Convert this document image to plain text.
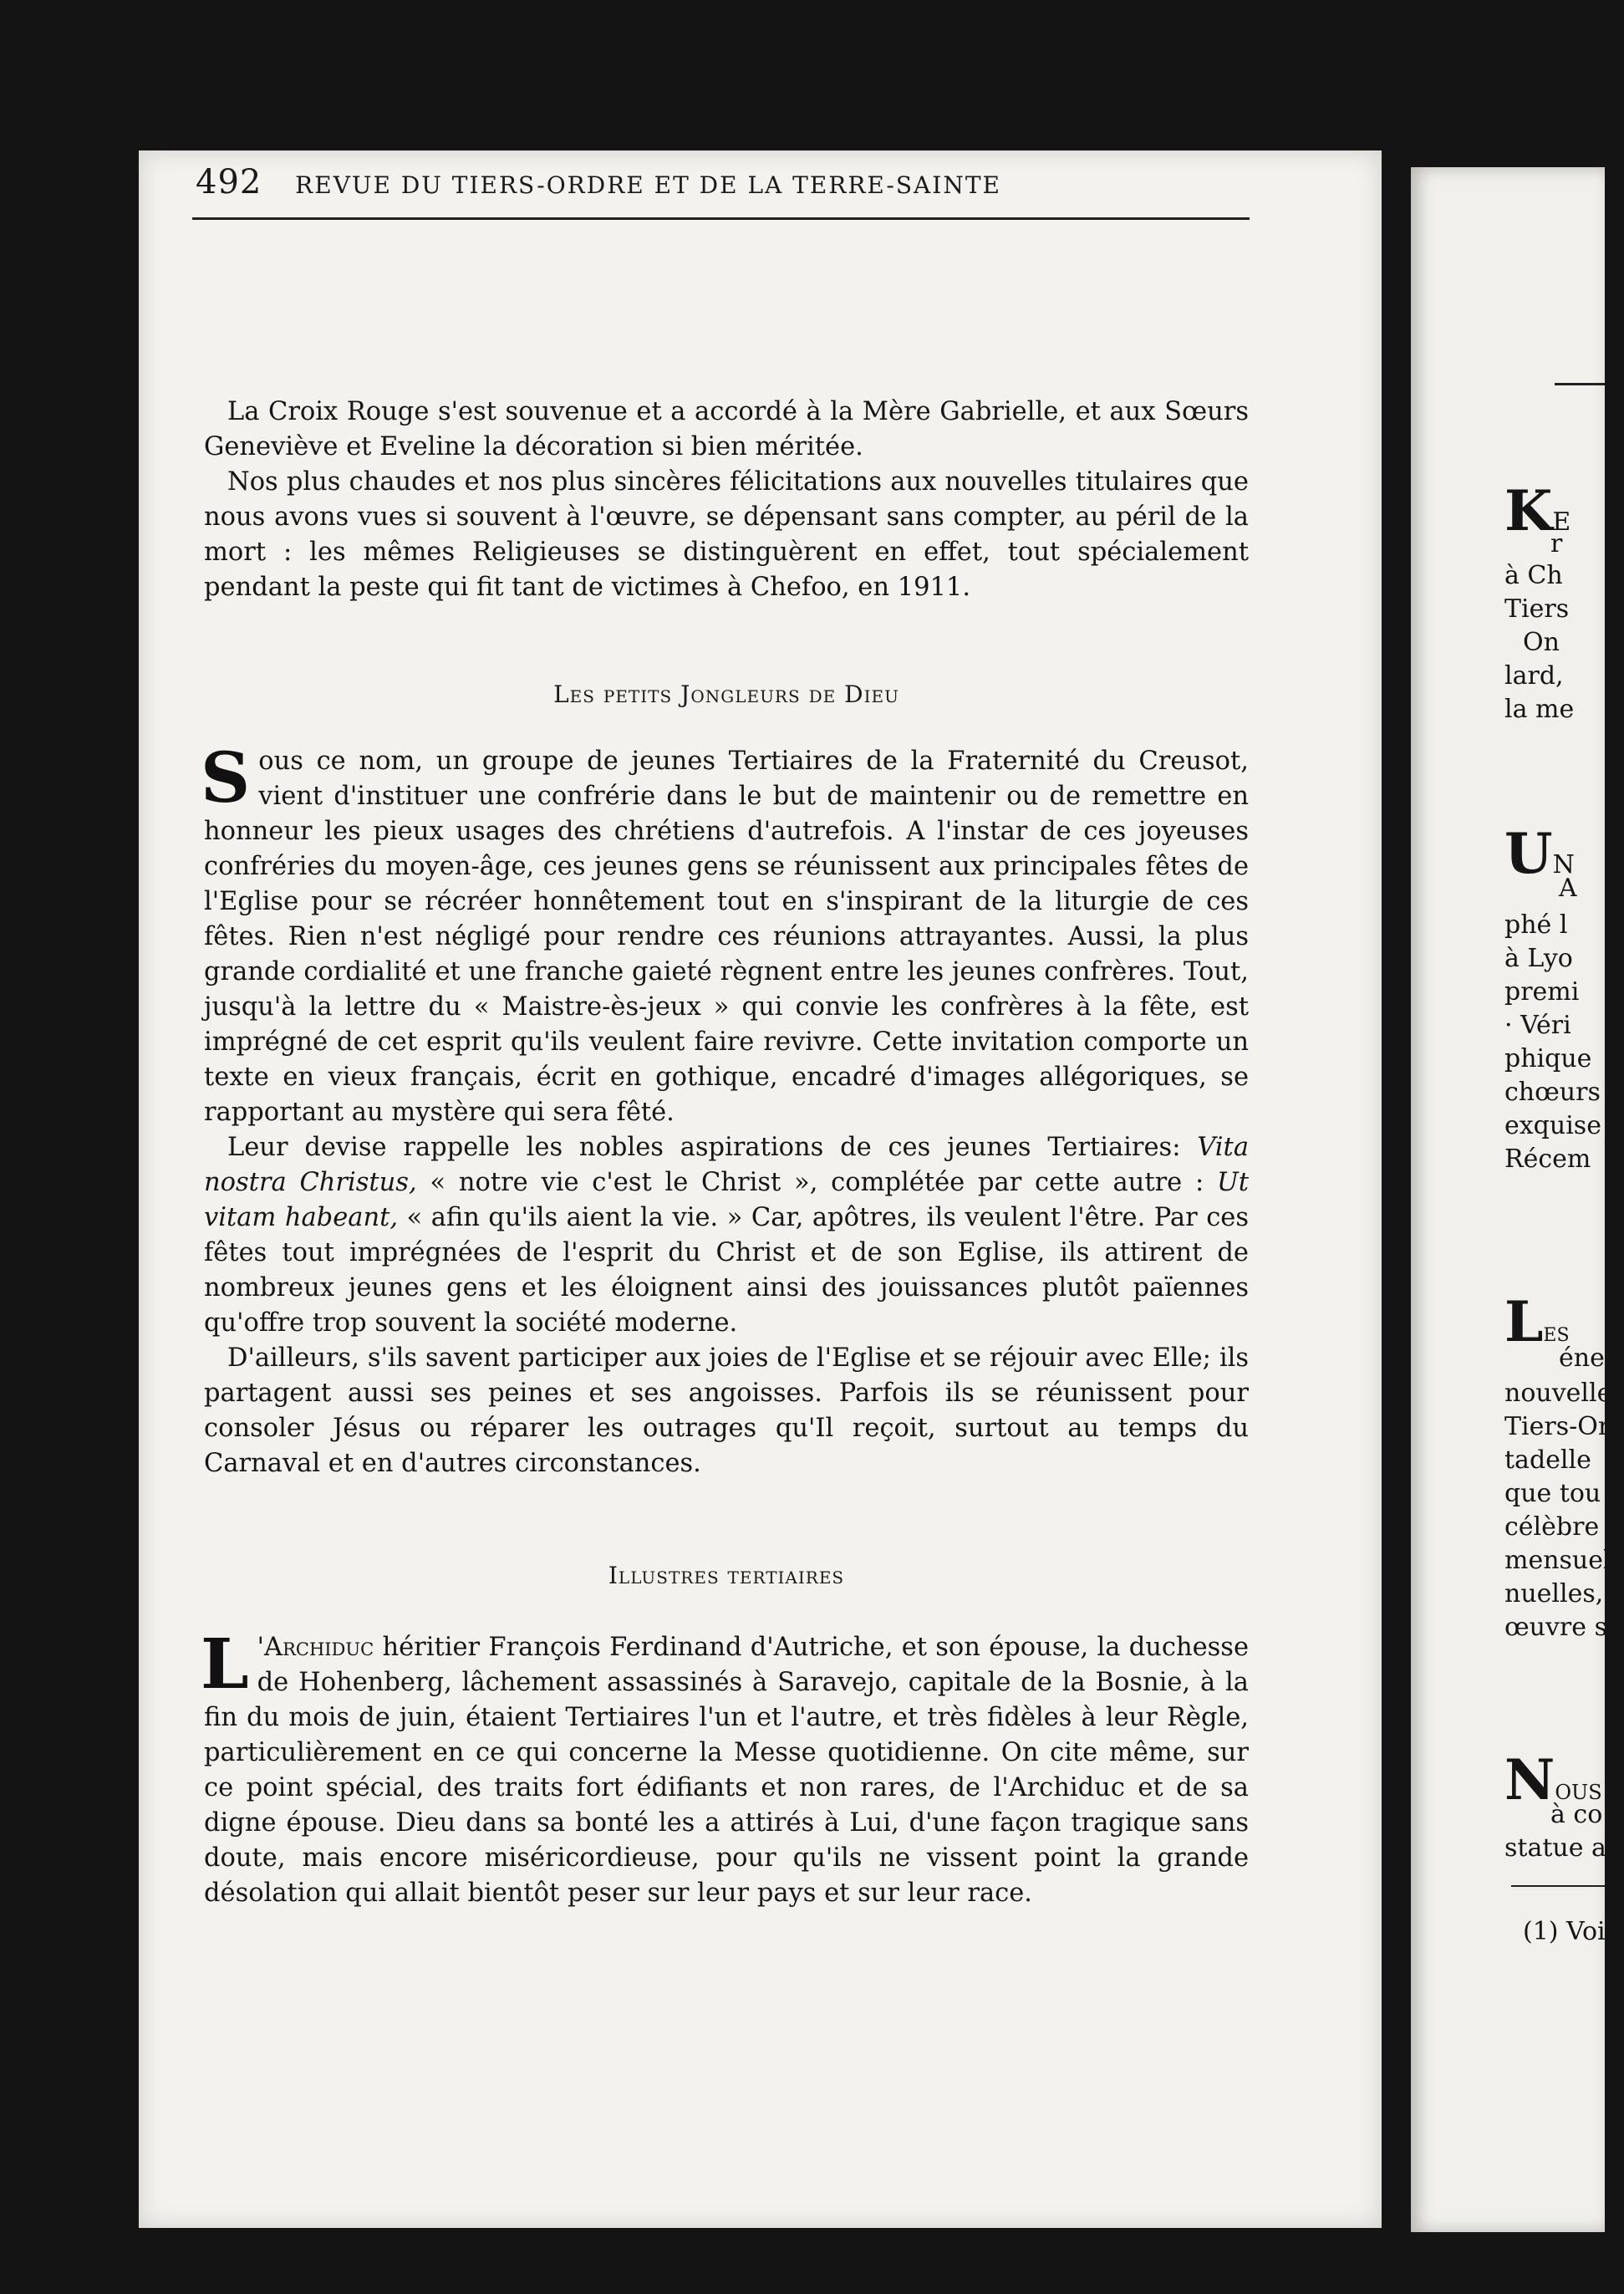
492 REVUE DU TIERS-ORDRE ET DE LA TERRE-SAINTE

La Croix Rouge s'est souvenue et a accordé à la Mère Gabrielle, et aux Sœurs Geneviève et Eveline la décoration si bien méritée.

Nos plus chaudes et nos plus sincères félicitations aux nouvelles titulaires que nous avons vues si souvent à l'œuvre, se dépensant sans compter, au péril de la mort : les mêmes Religieuses se distinguèrent en effet, tout spécialement pendant la peste qui fit tant de victimes à Chefoo, en 1911.

Les petits Jongleurs de Dieu

Sous ce nom, un groupe de jeunes Tertiaires de la Fraternité du Creusot, vient d'instituer une confrérie dans le but de maintenir ou de remettre en honneur les pieux usages des chrétiens d'autrefois. A l'instar de ces joyeuses confréries du moyen-âge, ces jeunes gens se réunissent aux principales fêtes de l'Eglise pour se récréer honnêtement tout en s'inspirant de la liturgie de ces fêtes. Rien n'est négligé pour rendre ces réunions attrayantes. Aussi, la plus grande cordialité et une franche gaieté règnent entre les jeunes confrères. Tout, jusqu'à la lettre du « Maistre-ès-jeux » qui convie les confrères à la fête, est imprégné de cet esprit qu'ils veulent faire revivre. Cette invitation comporte un texte en vieux français, écrit en gothique, encadré d'images allégoriques, se rapportant au mystère qui sera fêté.

Leur devise rappelle les nobles aspirations de ces jeunes Tertiaires: Vita nostra Christus, « notre vie c'est le Christ », complétée par cette autre : Ut vitam habeant, « afin qu'ils aient la vie. » Car, apôtres, ils veulent l'être. Par ces fêtes tout imprégnées de l'esprit du Christ et de son Eglise, ils attirent de nombreux jeunes gens et les éloignent ainsi des jouissances plutôt païennes qu'offre trop souvent la société moderne.

D'ailleurs, s'ils savent participer aux joies de l'Eglise et se réjouir avec Elle; ils partagent aussi ses peines et ses angoisses. Parfois ils se réunissent pour consoler Jésus ou réparer les outrages qu'Il reçoit, surtout au temps du Carnaval et en d'autres circonstances.

Illustres tertiaires

L 'Archiduc héritier François Ferdinand d'Autriche, et son épouse, la duchesse de Hohenberg, lâchement assassinés à Saravejo, capitale de la Bosnie, à la fin du mois de juin, étaient Tertiaires l'un et l'autre, et très fidèles à leur Règle, particulièrement en ce qui concerne la Messe quotidienne. On cite même, sur ce point spécial, des traits fort édifiants et non rares, de l'Archiduc et de sa digne épouse. Dieu dans sa bonté les a attirés à Lui, d'une façon tragique sans doute, mais encore miséricordieuse, pour qu'ils ne vissent point la grande désolation qui allait bientôt peser sur leur pays et sur leur race.

KE
r
à Ch
Tiers
On
lard,
la me
UN
A
phé l
à Lyo
premi
· Véri
phique
chœurs
exquise
Récem
LES
éner
nouvelle
Tiers-Or
tadelle
que tou
célèbre p
mensuell
nuelles, s
œuvre sc
NOUS a
à co
statue au
(1) Voi
